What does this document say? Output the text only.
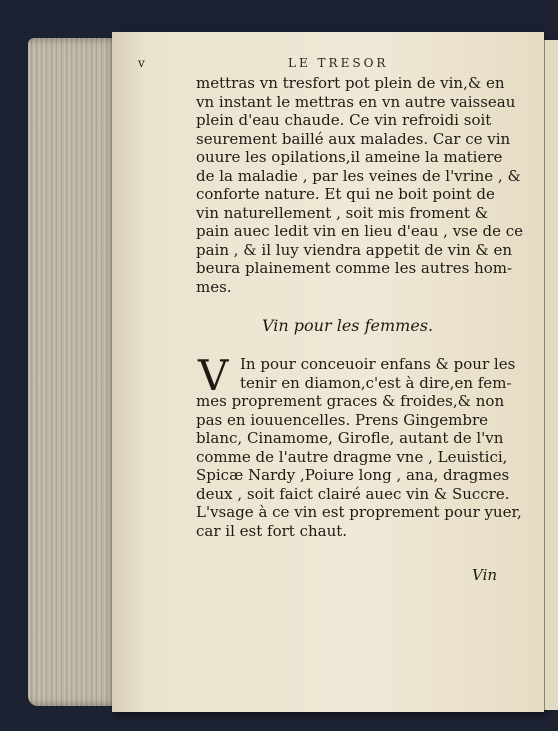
v	LE TRESOR
mettras vn tresfort pot plein de vin,& en
vn instant le mettras en vn autre vaisseau
plein d'eau chaude. Ce vin refroidi soit
seurement baillé aux malades. Car ce vin
ouure les opilations,il ameine la matiere
de la maladie , par les veines de l'vrine , &
conforte nature. Et qui ne boit point de
vin naturellement , soit mis froment &
pain auec ledit vin en lieu d'eau , vse de ce
pain , & il luy viendra appetit de vin & en
beura plainement comme les autres hom-
mes.
Vin pour les femmes.
V In pour conceuoir enfans & pour les
tenir en diamon,c'est à dire,en fem-
mes proprement graces & froides,& non
pas en iouuencelles. Prens Gingembre
blanc, Cinamome, Girofle, autant de l'vn
comme de l'autre dragme vne , Leuistici,
Spicæ Nardy ,Poiure long , ana, dragmes
deux , soit faict clairé auec vin & Succre.
L'vsage à ce vin est proprement pour yuer,
car il est fort chaut.
Vin
